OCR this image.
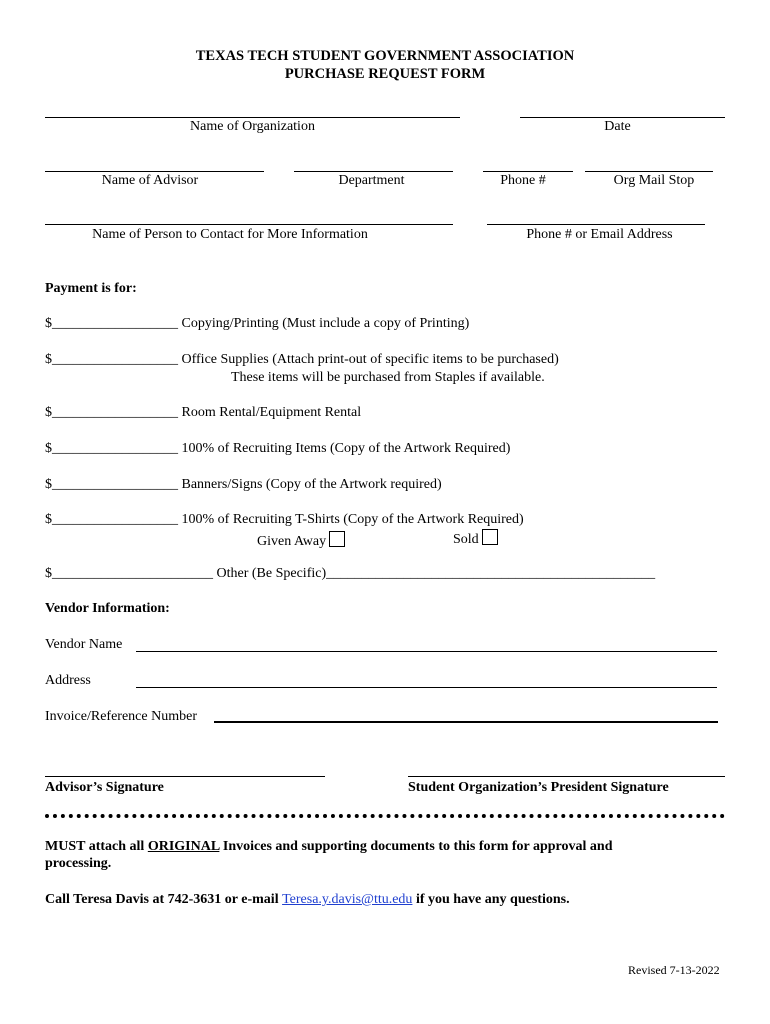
TEXAS TECH STUDENT GOVERNMENT ASSOCIATION
PURCHASE REQUEST FORM
Name of Organization	Date
Name of Advisor	Department	Phone #	Org Mail Stop
Name of Person to Contact for More Information	Phone # or Email Address
Payment is for:
$__________________ Copying/Printing (Must include a copy of Printing)
$__________________ Office Supplies (Attach print-out of specific items to be purchased)
These items will be purchased from Staples if available.
$__________________ Room Rental/Equipment Rental
$__________________ 100% of Recruiting Items (Copy of the Artwork Required)
$__________________ Banners/Signs (Copy of the Artwork required)
$__________________ 100% of Recruiting T-Shirts (Copy of the Artwork Required)
Given Away	Sold
$_______________________ Other (Be Specific)_______________________________________________
Vendor Information:
Vendor Name
Address
Invoice/Reference Number
Advisor’s Signature	Student Organization’s President Signature
MUST attach all ORIGINAL Invoices and supporting documents to this form for approval and
processing.
Call Teresa Davis at 742-3631 or e-mail Teresa.y.davis@ttu.edu if you have any questions.
Revised 7-13-2022
